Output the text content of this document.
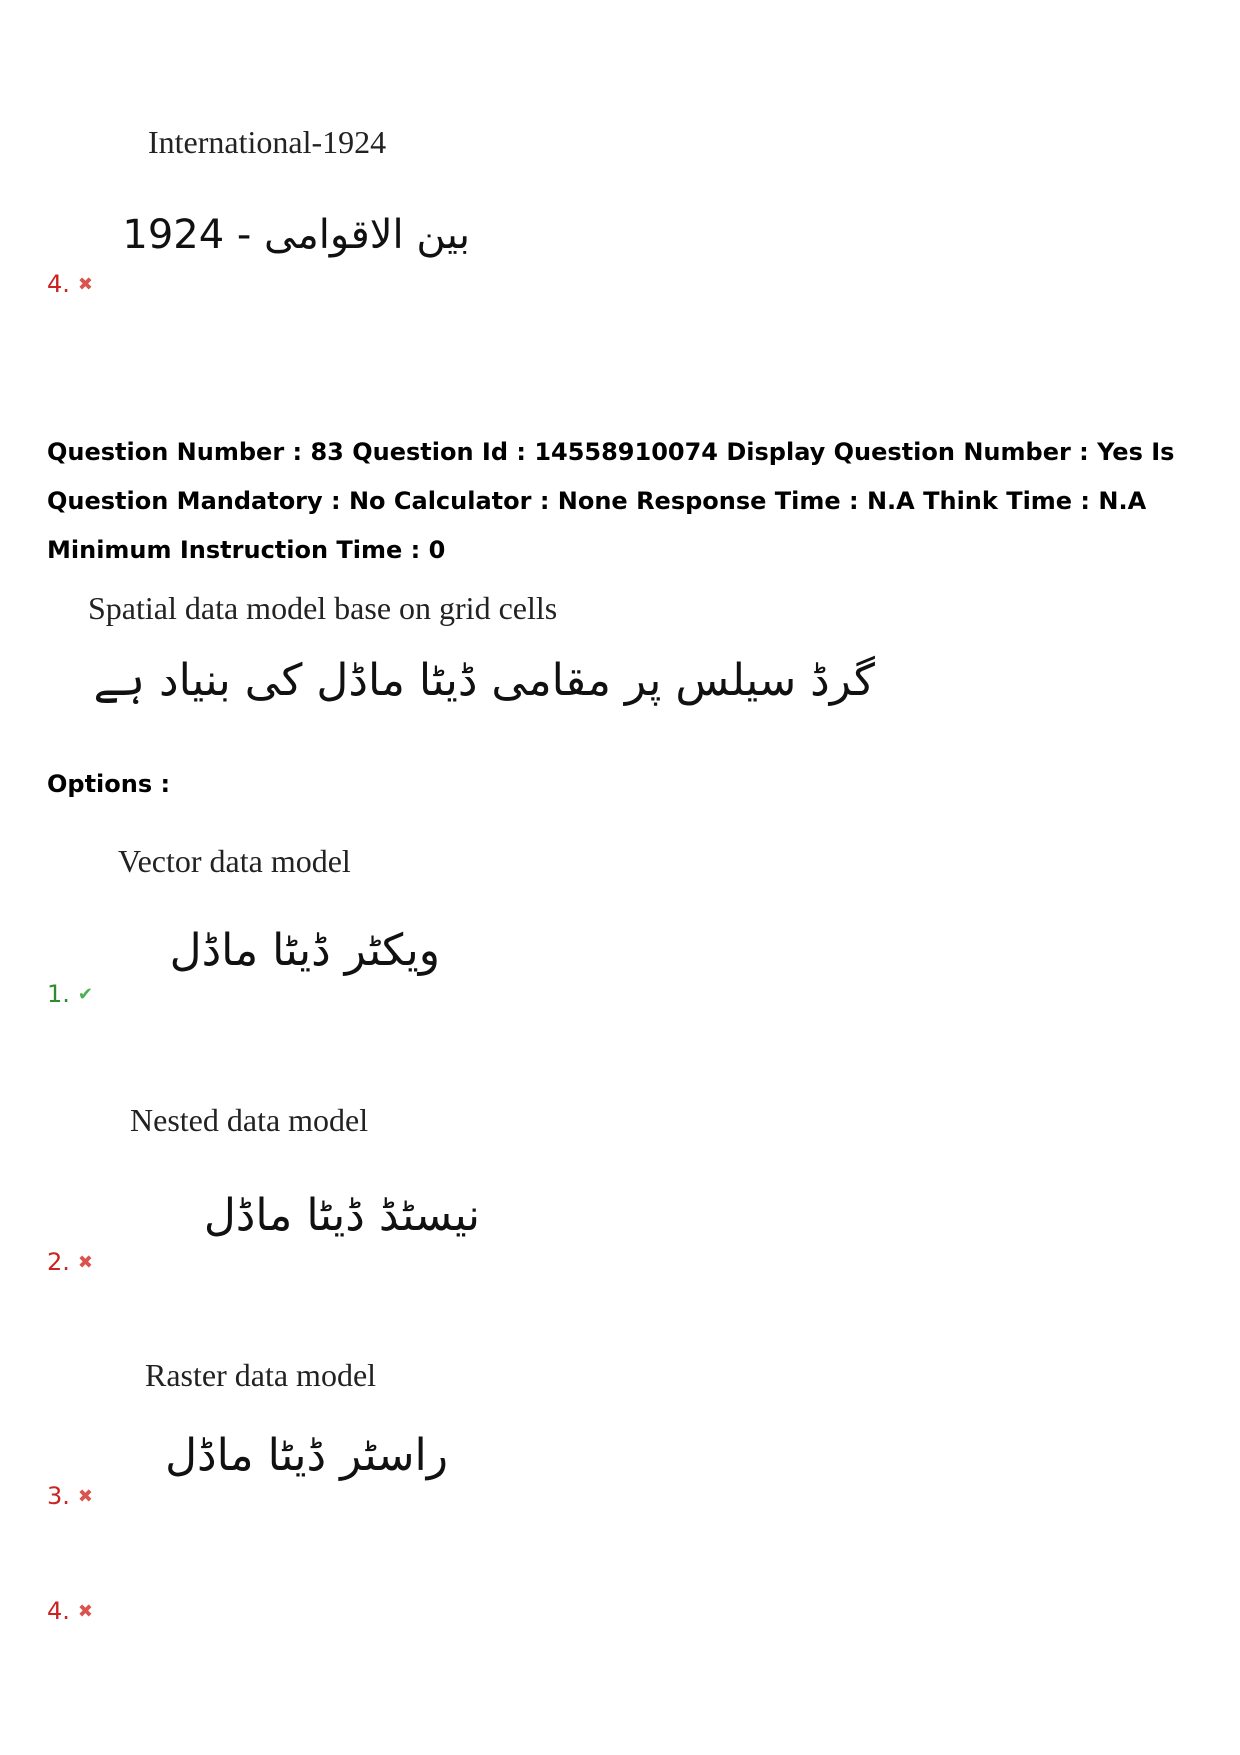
International-1924
بین الاقوامی - 1924
4. ✖
Question Number : 83 Question Id : 14558910074 Display Question Number : Yes Is Question Mandatory : No Calculator : None Response Time : N.A Think Time : N.A Minimum Instruction Time : 0
Spatial data model base on grid cells
گرڈ سیلس پر مقامی ڈیٹا ماڈل کی بنیاد ہے
Options :
Vector data model
ویکٹر ڈیٹا ماڈل
1. ✔
Nested data model
نیسٹڈ ڈیٹا ماڈل
2. ✖
Raster data model
راسٹر ڈیٹا ماڈل
3. ✖
4. ✖
